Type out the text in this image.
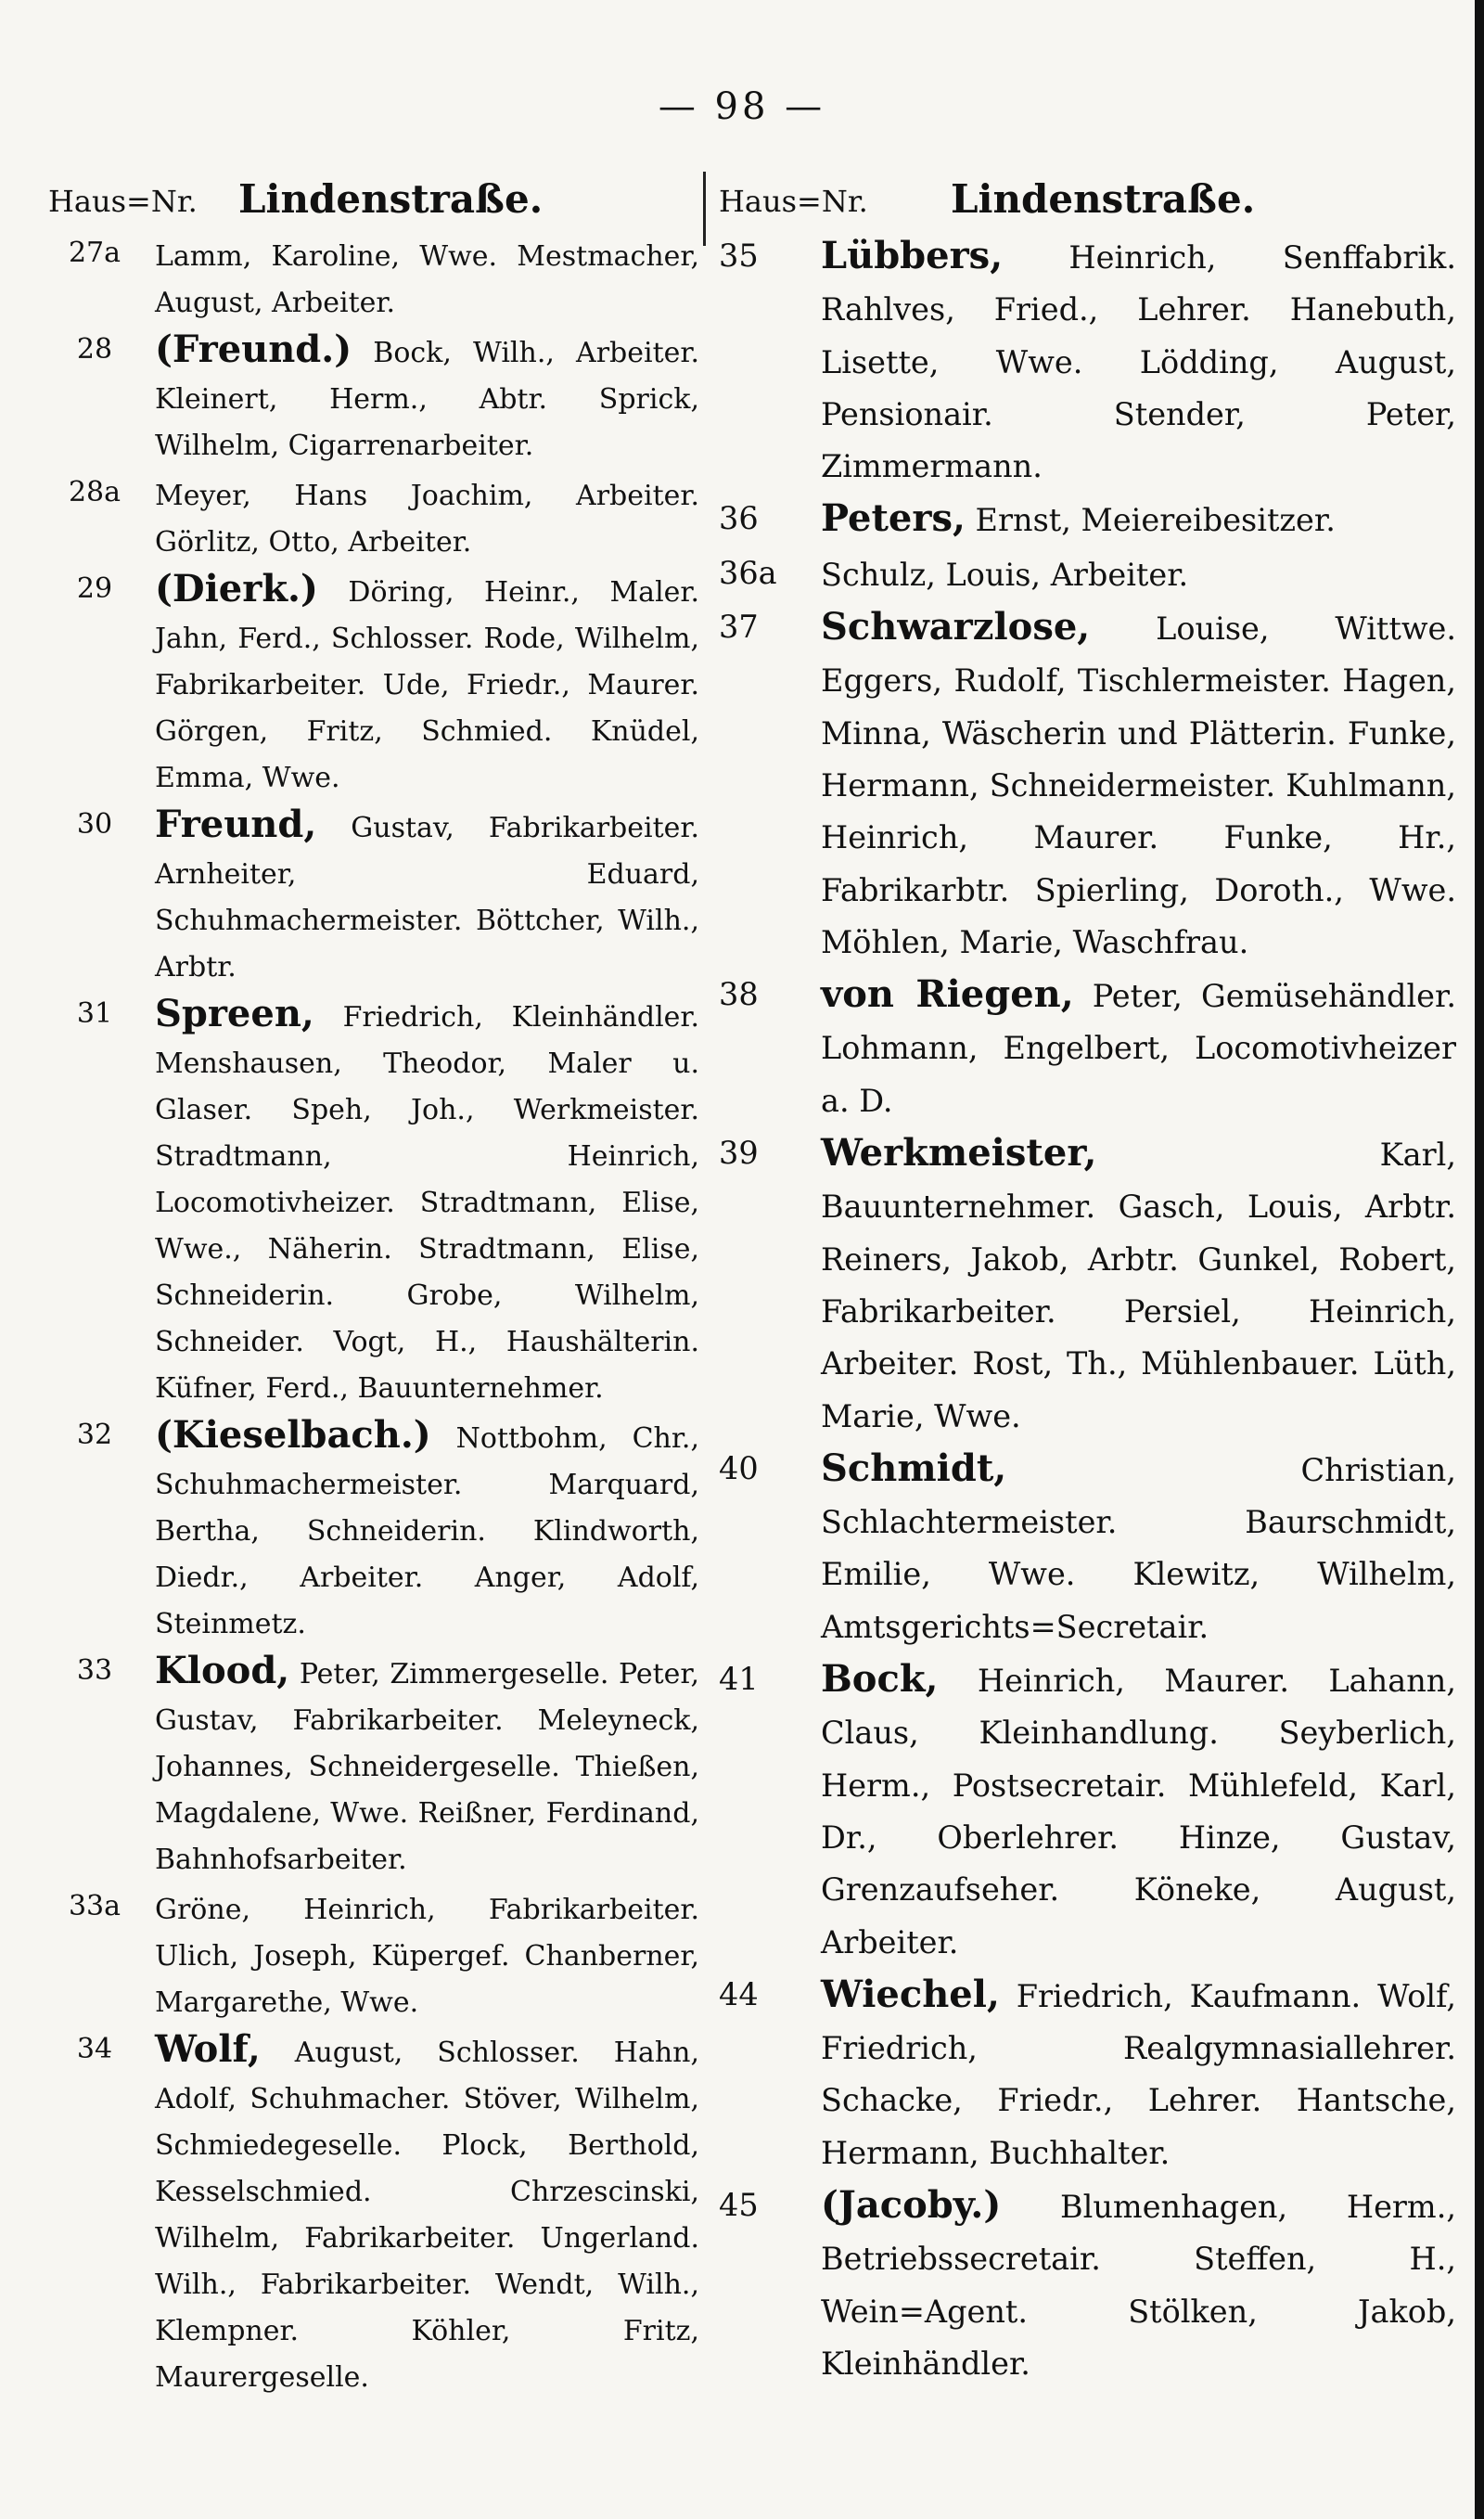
— 98 —
Haus=Nr. Lindenstraße.	Haus=Nr. Lindenstraße.

27a	Lamm, Karoline, Wwe. Mestmacher, August, Arbeiter.

28	(Freund.) Bock, Wilh., Arbeiter. Kleinert, Herm., Abtr. Sprick, Wilhelm, Cigarrenarbeiter.

28a	Meyer, Hans Joachim, Arbeiter. Görlitz, Otto, Arbeiter.

29	(Dierk.) Döring, Heinr., Maler. Jahn, Ferd., Schlosser. Rode, Wilhelm, Fabrikarbeiter. Ude, Friedr., Maurer. Görgen, Fritz, Schmied. Knüdel, Emma, Wwe.

30	Freund, Gustav, Fabrikarbeiter. Arnheiter, Eduard, Schuhmachermeister. Böttcher, Wilh., Arbtr.

31	Spreen, Friedrich, Kleinhändler. Menshausen, Theodor, Maler u. Glaser. Speh, Joh., Werkmeister. Stradtmann, Heinrich, Locomotivheizer. Stradtmann, Elise, Wwe., Näherin. Stradtmann, Elise, Schneiderin. Grobe, Wilhelm, Schneider. Vogt, H., Haushälterin. Küfner, Ferd., Bauunternehmer.

32	(Kieselbach.) Nottbohm, Chr., Schuhmachermeister. Marquard, Bertha, Schneiderin. Klindworth, Diedr., Arbeiter. Anger, Adolf, Steinmetz.

33	Klood, Peter, Zimmergeselle. Peter, Gustav, Fabrikarbeiter. Meleyneck, Johannes, Schneidergeselle. Thießen, Magdalene, Wwe. Reißner, Ferdinand, Bahnhofsarbeiter.

33a	Gröne, Heinrich, Fabrikarbeiter. Ulich, Joseph, Küpergef. Chanberner, Margarethe, Wwe.

34	Wolf, August, Schlosser. Hahn, Adolf, Schuhmacher. Stöver, Wilhelm, Schmiedegeselle. Plock, Berthold, Kesselschmied. Chrzescinski, Wilhelm, Fabrikarbeiter. Ungerland. Wilh., Fabrikarbeiter. Wendt, Wilh., Klempner. Köhler, Fritz, Maurergeselle.

35	Lübbers, Heinrich, Senffabrik. Rahlves, Fried., Lehrer. Hanebuth, Lisette, Wwe. Lödding, August, Pensionair. Stender, Peter, Zimmermann.

36	Peters, Ernst, Meiereibesitzer.

36a	Schulz, Louis, Arbeiter.

37	Schwarzlose, Louise, Wittwe. Eggers, Rudolf, Tischlermeister. Hagen, Minna, Wäscherin und Plätterin. Funke, Hermann, Schneidermeister. Kuhlmann, Heinrich, Maurer. Funke, Hr., Fabrikarbtr. Spierling, Doroth., Wwe. Möhlen, Marie, Waschfrau.

38	von Riegen, Peter, Gemüsehändler. Lohmann, Engelbert, Locomotivheizer a. D.

39	Werkmeister, Karl, Bauunternehmer. Gasch, Louis, Arbtr. Reiners, Jakob, Arbtr. Gunkel, Robert, Fabrikarbeiter. Persiel, Heinrich, Arbeiter. Rost, Th., Mühlenbauer. Lüth, Marie, Wwe.

40	Schmidt, Christian, Schlachtermeister. Baurschmidt, Emilie, Wwe. Klewitz, Wilhelm, Amtsgerichts=Secretair.

41	Bock, Heinrich, Maurer. Lahann, Claus, Kleinhandlung. Seyberlich, Herm., Postsecretair. Mühlefeld, Karl, Dr., Oberlehrer. Hinze, Gustav, Grenzaufseher. Köneke, August, Arbeiter.

44	Wiechel, Friedrich, Kaufmann. Wolf, Friedrich, Realgymnasiallehrer. Schacke, Friedr., Lehrer. Hantsche, Hermann, Buchhalter.

45	(Jacoby.) Blumenhagen, Herm., Betriebssecretair. Steffen, H., Wein=Agent. Stölken, Jakob, Kleinhändler.
